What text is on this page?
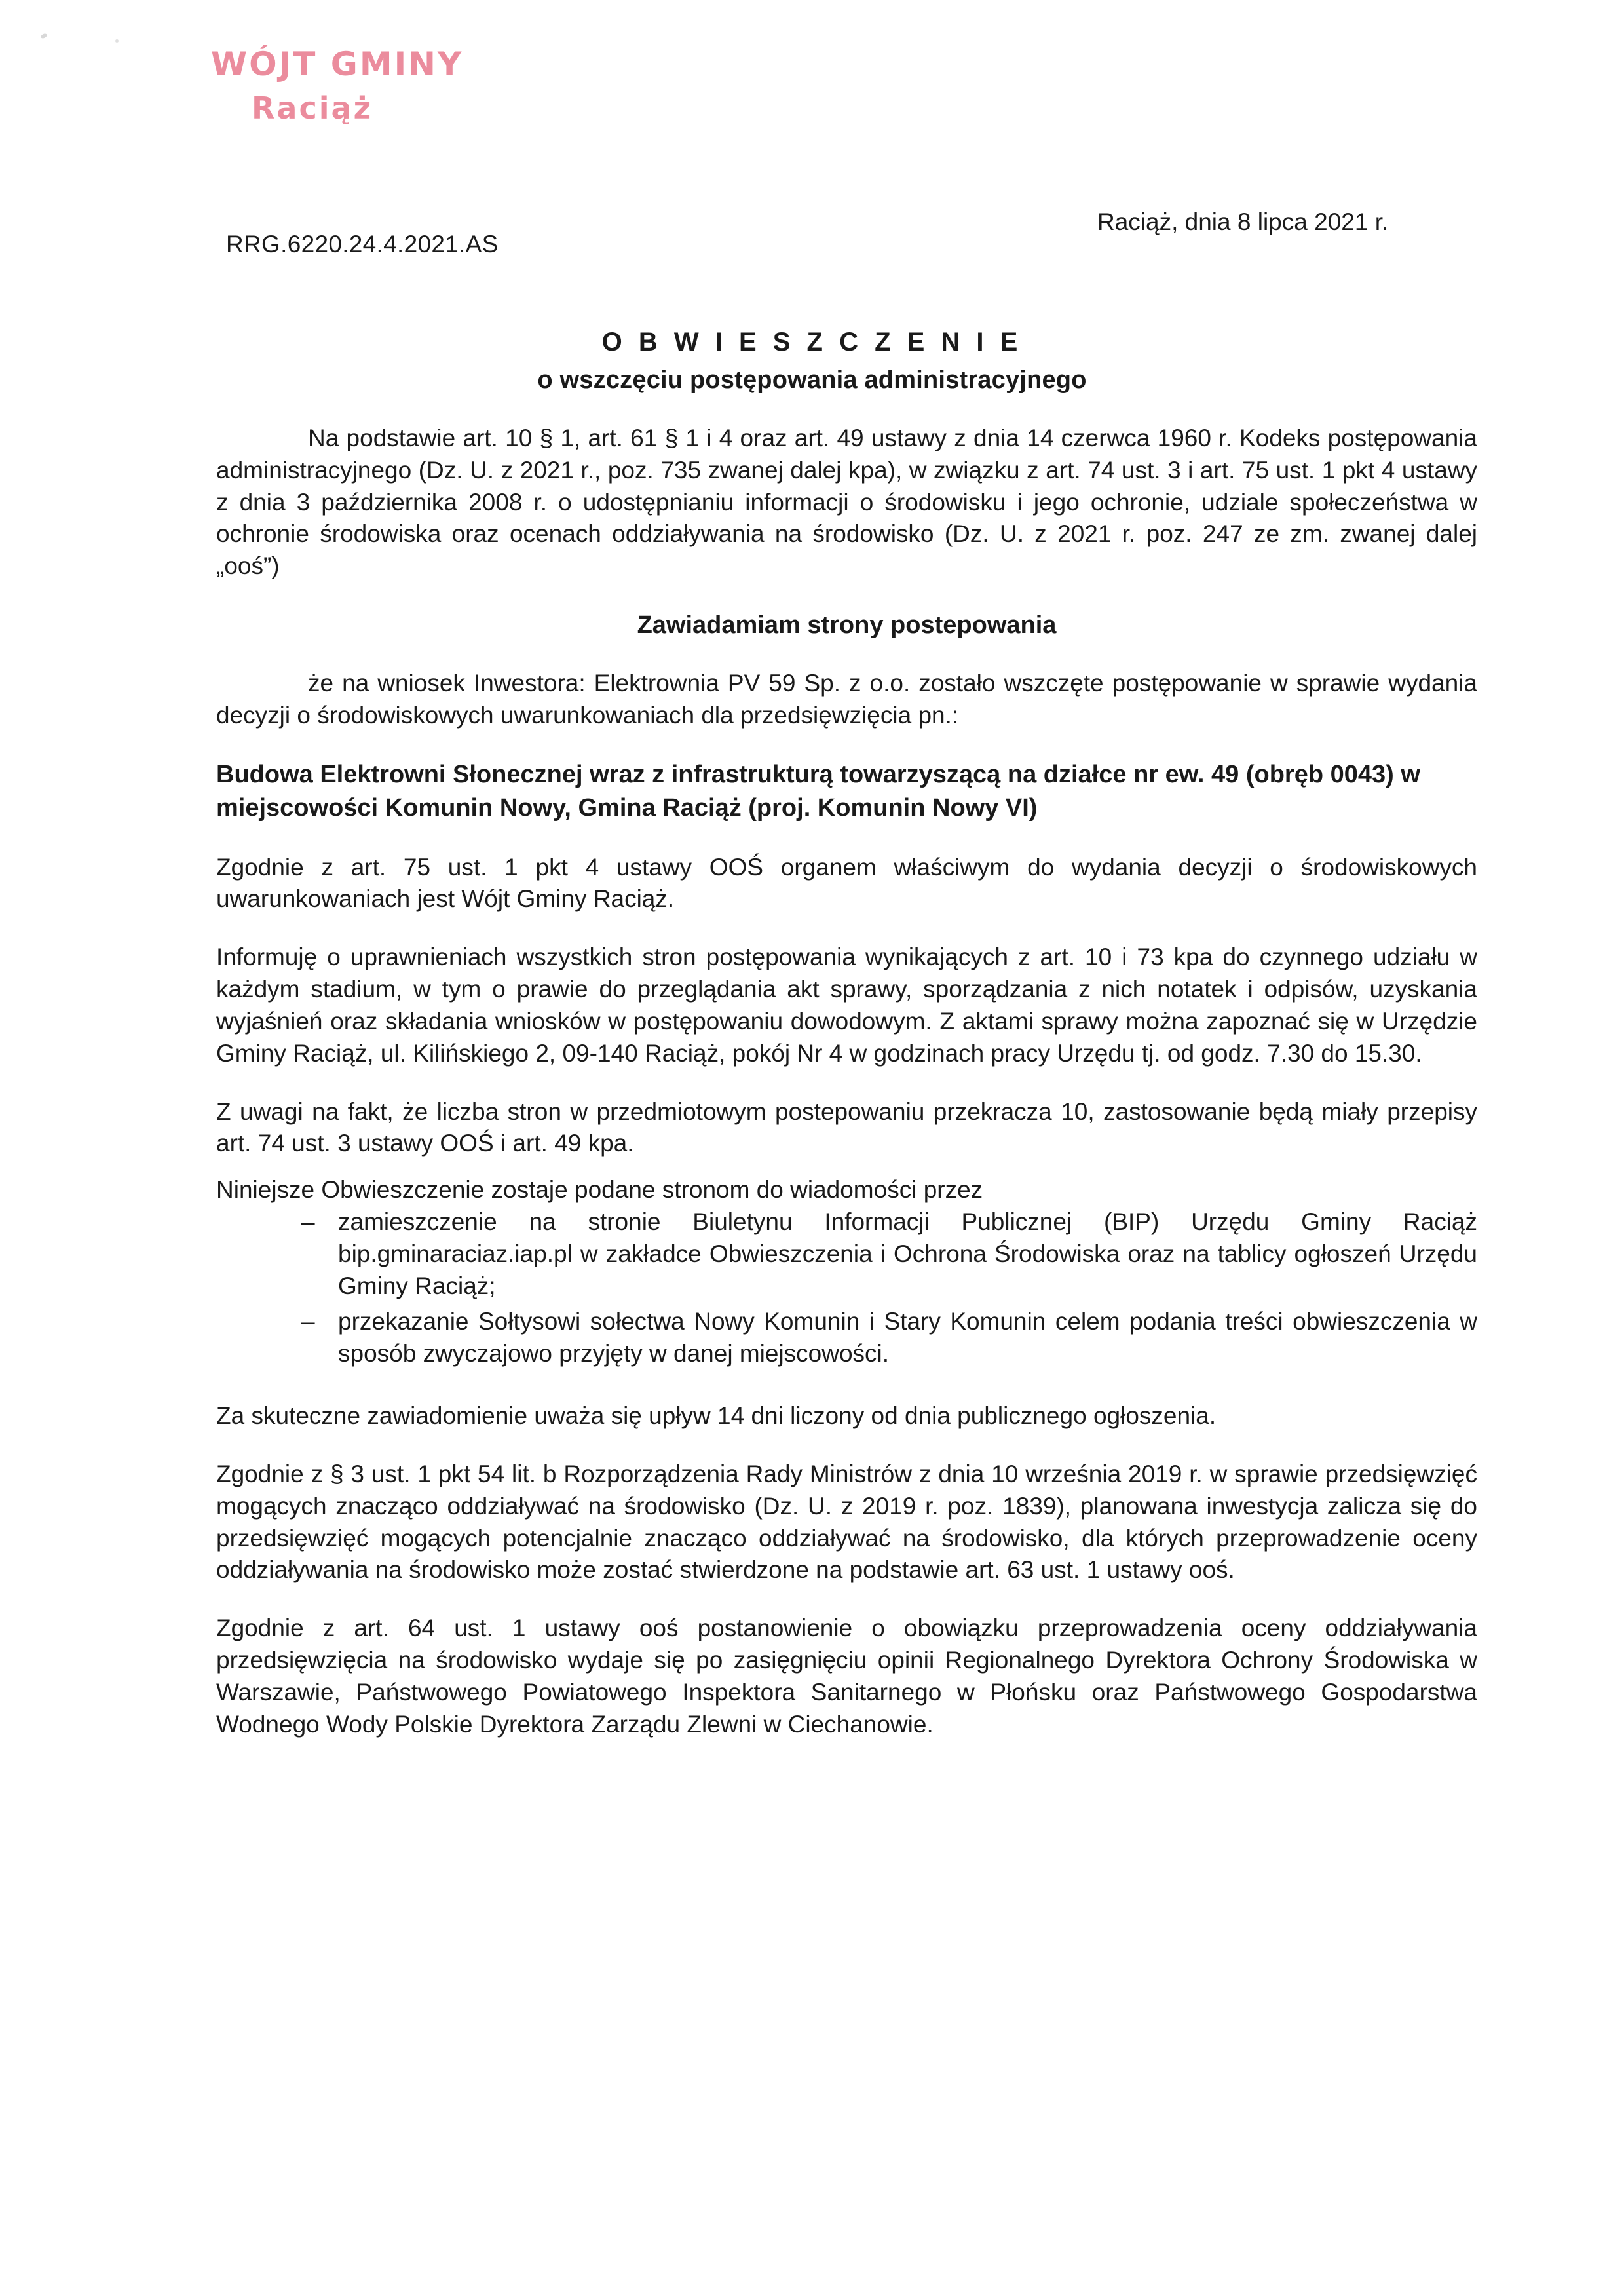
WÓJT GMINY
Raciąż
RRG.6220.24.4.2021.AS
Raciąż, dnia 8 lipca 2021 r.
O B W I E S Z C Z E N I E
o wszczęciu postępowania administracyjnego

Na podstawie art. 10 § 1, art. 61 § 1 i 4 oraz art. 49 ustawy z dnia 14 czerwca 1960 r. Kodeks postępowania administracyjnego (Dz. U. z 2021 r., poz. 735 zwanej dalej kpa), w związku z art. 74 ust. 3 i art. 75 ust. 1 pkt 4 ustawy z dnia 3 października 2008 r. o udostępnianiu informacji o środowisku i jego ochronie, udziale społeczeństwa w ochronie środowiska oraz ocenach oddziaływania na środowisko (Dz. U. z 2021 r. poz. 247 ze zm. zwanej dalej „ooś”)

Zawiadamiam strony postepowania

że na wniosek Inwestora: Elektrownia PV 59 Sp. z o.o. zostało wszczęte postępowanie w sprawie wydania decyzji o środowiskowych uwarunkowaniach dla przedsięwzięcia pn.:

Budowa Elektrowni Słonecznej wraz z infrastrukturą towarzyszącą na działce nr ew. 49 (obręb 0043) w miejscowości Komunin Nowy, Gmina Raciąż (proj. Komunin Nowy VI)

Zgodnie z art. 75 ust. 1 pkt 4 ustawy OOŚ organem właściwym do wydania decyzji o środowiskowych uwarunkowaniach jest Wójt Gminy Raciąż.

Informuję o uprawnieniach wszystkich stron postępowania wynikających z art. 10 i 73 kpa do czynnego udziału w każdym stadium, w tym o prawie do przeglądania akt sprawy, sporządzania z nich notatek i odpisów, uzyskania wyjaśnień oraz składania wniosków w postępowaniu dowodowym. Z aktami sprawy można zapoznać się w Urzędzie Gminy Raciąż, ul. Kilińskiego 2, 09-140 Raciąż, pokój Nr 4 w godzinach pracy Urzędu tj. od godz. 7.30 do 15.30.

Z uwagi na fakt, że liczba stron w przedmiotowym postepowaniu przekracza 10, zastosowanie będą miały przepisy art. 74 ust. 3 ustawy OOŚ i art. 49 kpa.

Niniejsze Obwieszczenie zostaje podane stronom do wiadomości przez

– zamieszczenie na stronie Biuletynu Informacji Publicznej (BIP) Urzędu Gminy Raciąż bip.gminaraciaz.iap.pl w zakładce Obwieszczenia i Ochrona Środowiska oraz na tablicy ogłoszeń Urzędu Gminy Raciąż;
– przekazanie Sołtysowi sołectwa Nowy Komunin i Stary Komunin celem podania treści obwieszczenia w sposób zwyczajowo przyjęty w danej miejscowości.

Za skuteczne zawiadomienie uważa się upływ 14 dni liczony od dnia publicznego ogłoszenia.

Zgodnie z § 3 ust. 1 pkt 54 lit. b Rozporządzenia Rady Ministrów z dnia 10 września 2019 r. w sprawie przedsięwzięć mogących znacząco oddziaływać na środowisko (Dz. U. z 2019 r. poz. 1839), planowana inwestycja zalicza się do przedsięwzięć mogących potencjalnie znacząco oddziaływać na środowisko, dla których przeprowadzenie oceny oddziaływania na środowisko może zostać stwierdzone na podstawie art. 63 ust. 1 ustawy ooś.

Zgodnie z art. 64 ust. 1 ustawy ooś postanowienie o obowiązku przeprowadzenia oceny oddziaływania przedsięwzięcia na środowisko wydaje się po zasięgnięciu opinii Regionalnego Dyrektora Ochrony Środowiska w Warszawie, Państwowego Powiatowego Inspektora Sanitarnego w Płońsku oraz Państwowego Gospodarstwa Wodnego Wody Polskie Dyrektora Zarządu Zlewni w Ciechanowie.
